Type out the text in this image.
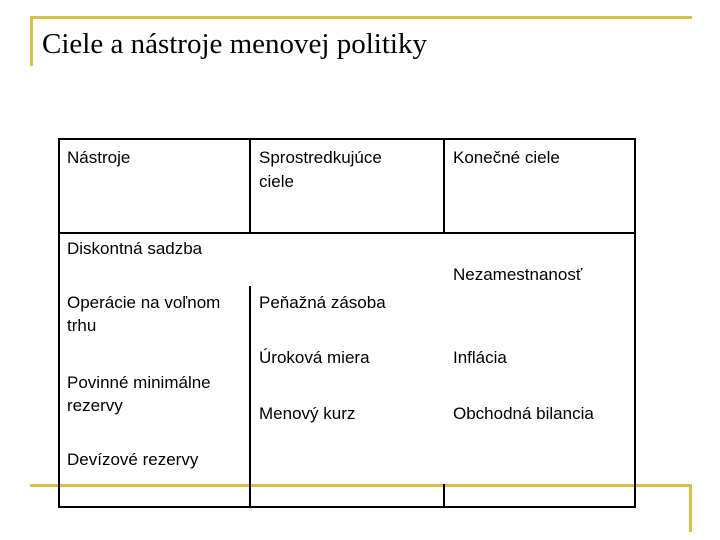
Ciele a nástroje menovej politiky
Nástroje	Sprostredkujúce
ciele
Konečné ciele
Diskontná sadzba
Operácie na voľnom
trhu
Povinné minimálne
rezervy
Devízové rezervy
Peňažná zásoba
Úroková miera
Menový kurz
Nezamestnanosť
Inflácia
Obchodná bilancia
